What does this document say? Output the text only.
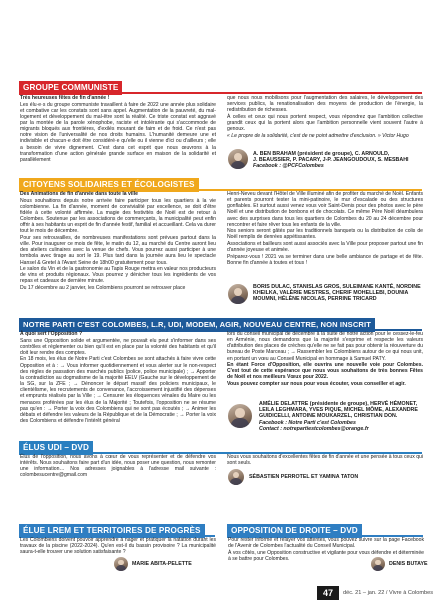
GROUPE COMMUNISTE

Très heureuses fêtes de fin d'année !

Les élu·e·s du groupe communiste travaillent à faire de 2022 une année plus solidaire et combative car les constats sont sans appel. Augmentation de la pauvreté, du mal-logement et développement du mal-être sont la réalité. Ce triste constat est aggravé par la montée de la parole xénophobe, raciste et intolérante qui s'accommode de migrants bloqués aux frontières, d'exilés mourant de faim et de froid. Ce n'est pas notre vision de l'universalité de nos droits humains. L'humanité demeure une et indivisible et chacun·e doit être considéré·e qu'elle ou il vienne d'ici ou d'ailleurs ; elle a besoin de vivre dignement. C'est dans cet esprit que nous œuvrons à la transformation d'une action générale grande surface en maison de la solidarité et parallèlement

que nous nous mobilisons pour l'augmentation des salaires, le développement des services publics, la renationalisation des moyens de production de l'énergie, la redistribution de richesses.

À celles et ceux qui nous portent respect, vous répondrez que l'ambition collective grandit ceux qui la portent alors que l'ambition personnelle vient souvent l'autre à genoux.

« Le propre de la solidarité, c'est de ne point admettre d'exclusion. » Victor Hugo

A. BEN BRAHAM (président de groupe), C. ARNOULD,
J. BEAUSSIER, P. PACARY, J-P. JEANGOUDOUX, S. MESBAHI
Facebook : @PCFColombes
CITOYENS SOLIDAIRES ET ÉCOLOGISTES

Des Animations de fin d'année dans toute la ville

Nous souhaitions depuis notre arrivée faire participer tous les quartiers à la vie colombienne. La fin d'année, moment de convivialité par excellence, se doit d'être fidèle à cette volonté affirmée. La magie des festivités de Noël est de retour à Colombes. Soutenue par les associations de commerçants, la municipalité peut enfin offrir à ses habitants un esprit de fin d'année festif, familial et accueillant. Cela va durer tout le mois de décembre.

Pour ses retrouvailles, de nombreuses manifestations sont prévues partout dans la ville. Pour inaugurer ce mois de fête, le matin du 12, au marché du Centre auront lieu des ateliers culinaires avec la venue de chefs. Vous pourrez aussi participer à une tombola avec tirage au sort le 19. Plus tard dans la journée aura lieu le spectacle Hansel & Gretel à l'Avant Seine de 18h00 gratuitement pour tous.

Le salon du Vin et de la gastronomie au Tapis Rouge mettra en valeur nos producteurs de vins et produits régionaux. Vous pourrez y dénicher tous les ingrédients de vos repas et cadeaux de dernière minute.

Du 17 décembre au 2 janvier, les Colombiens pourront se retrouver place

Henri-Neveu devant l'Hôtel de Ville illuminé afin de profiter du marché de Noël. Enfants et parents pourront tester la mini-patinoire, le mur d'escalade ou des structures gonflables. Et surtout aussi venez vous voir Saint-Denis pour des photos avec le père Noël et une distribution de bonbons et de chocolats. Ce même Père Noël déambulera avec des surprises dans tous les quartiers de Colombes du 20 au 24 décembre pour rencontrer et faire rêver tous les enfants de la ville.

Nos seniors seront gâtés par les traditionnels banquets ou la distribution de colis de Noël remplis de denrées appétissantes.

Associations et bailleurs sont aussi associés avec la Ville pour proposer partout une fin d'année joyeuse et animée.

Préparez-vous ! 2021 va se terminer dans une belle ambiance de partage et de fête. Bonne fin d'année à toutes et tous !

BORIS DULAC, STANISLAS GROS, SULEIMANE KANTÉ, NORDINE
KHEILKA, VALÉRIE MESTRES, CHERIF MOHELLEBI, DOUNIA
MOUMNI, HÉLÈNE NICOLAS, PERRINE TRICARD
NOTRE PARTI C'EST COLOMBES, L.R, UDI, MODEM, AGIR, NOUVEAU CENTRE, NON INSCRIT

À quoi sert l'Opposition ?

Sans une Opposition solide et argumentée, ne pouvait elu peut s'informer dans ses contrôles et réglementer ou bien qu'il est en place par la volonté des habitants et qu'il doit leur rendre des comptes.

En 18 mois, les élus de Notre Parti c'est Colombes se sont attachés à faire vivre cette Opposition et à : → Vous informer quotidiennement et vous alerter sur le non-respect des règles de passation des marchés publics (police, police municipale) ; → Apporter la contradiction au dogmatisme de la majorité EELV (Gauche sur le développement de la SG, sur la ZFE ; → Dénoncer le départ massif des policiers municipaux, le clientélisme, les recrutements de convenance, l'accroissement injustifié des dépenses et emprunts réalisés par la Ville ; → Censurer les éloquences vénales du Maire ou les menaces proférées par les élus de la Majorité ; Toutefois, l'opposition ne se résume pas qu'en : → Porter la voix des Colombiens qui ne sont pas écoutés ; → Animer les débats et défendre les valeurs de la République et de la Démocratie ; → Porter la voix des Colombiens et défendre l'intérêt général

lors du conseil municipal de décembre à la suite de notre action pour le cessez-le-feu en Arménie, nous demandons que la majorité s'exprime et respecte les valeurs d'attribution des places de crèches qu'elle ne se fait pas pour obtenir la réouverture du bureau de Poste Marceau ; → Rassembler les Colombiens autour de ce qui nous unit, en portant un vœu au Conseil Municipal en hommage à Samuel PATY.

En étant Force d'Opposition, elle ouvrira une nouvelle voie pour Colombes. C'est tout de cette espérance que nous vous souhaitons de très bonnes Fêtes de Noël et nos meilleurs Vœux pour 2022.

Vous pouvez compter sur nous pour vous écouter, vous conseiller et agir.

AMÉLIE DELATTRE (présidente de groupe), HERVÉ HÉMONET,
LEILA LEGHMARA, YVES PIQUE, MICHEL MÔME, ALEXANDRE
GUIDICELLI, ANTOINE MOUKARZEL, CHRISTIAN DON.
Facebook : Notre Parti c'est Colombes
Contact : notrepartiestcolombes@orange.fr
ÉLUS UDI – DVD

Élus de l'opposition, nous avons à cœur de vous représenter et de défendre vos intérêts. Nous souhaitons faire part d'un idée, nous poser une question, nous remonter une information… Nos adresses joignables à l'adresse mail suivante : colombesucentre@gmail.com

Nous vous souhaitons d'excellentes fêtes de fin d'année et une pensée à tous ceux qui sont seuls.

SÉBASTIEN PERROTEL ET YAMINA TATON
ÉLUE LREM ET TERRITOIRES DE PROGRÈS

Les Colombiens doivent pouvoir apprendre à nager et pratiquer la natation durant les travaux de la piscine (2022-2024). Qu'en est-il du bassin provisoire ? La municipalité saura-t-elle trouver une solution satisfaisante ?

MARIE ABITA-PELETTE
OPPOSITION DE DROITE – DVD

Pour rester informé et relayer vos attentes, vous pouvez suivre sur la page Facebook de l'Avenir de Colombes l'actualité du Conseil Municipal.

À vos côtés, une Opposition constructive et vigilante pour vous défendre et déterminée à se battre pour Colombes.

DENIS BUTAYE
47	déc. 21 – jan. 22 / Vivre à Colombes
